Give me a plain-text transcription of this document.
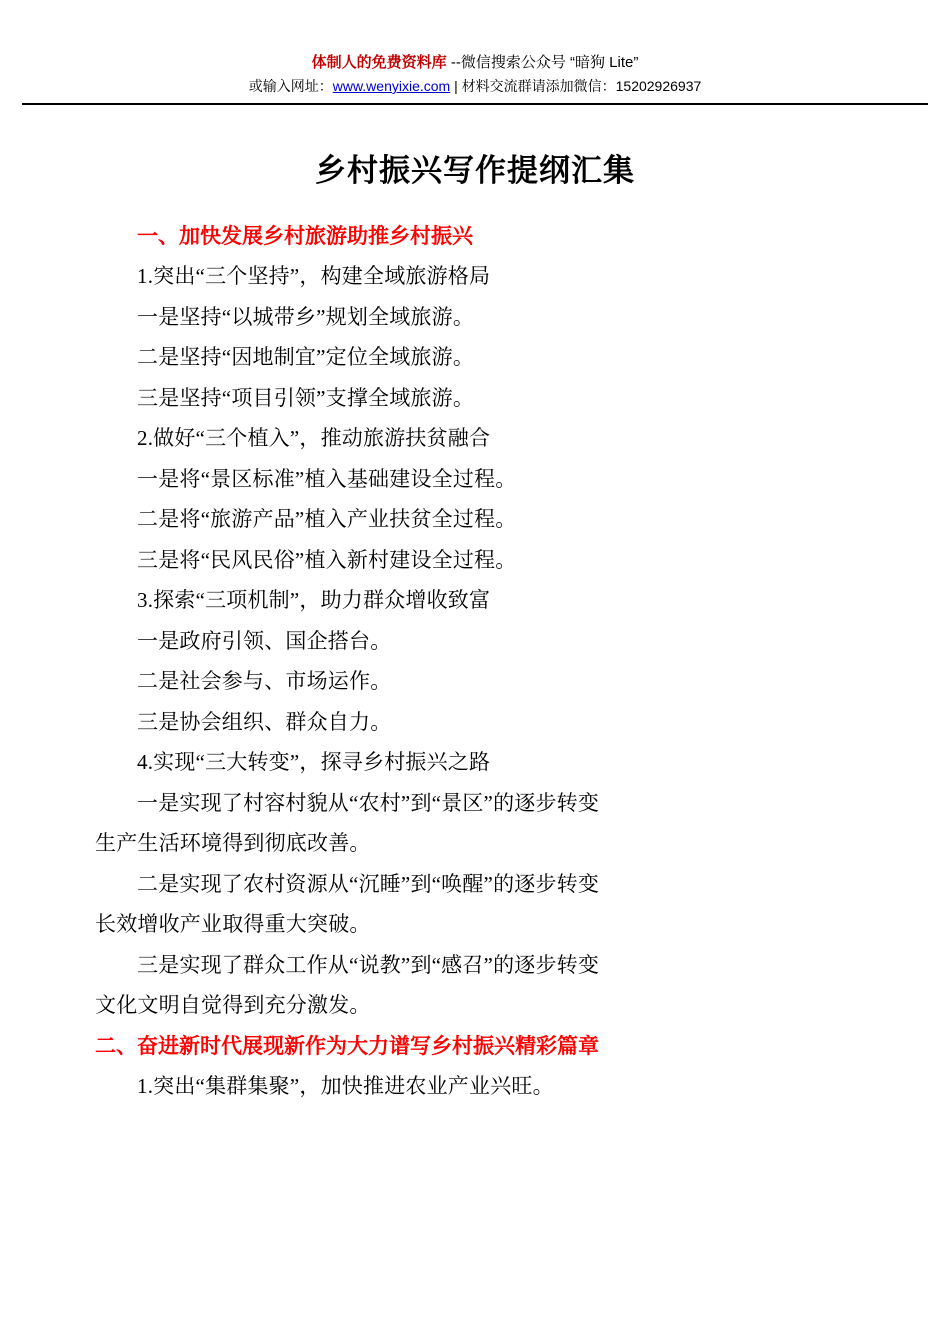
体制人的免费资料库 --微信搜索公众号 “暗狗 Lite”
或输入网址：www.wenyixie.com | 材料交流群请添加微信：15202926937
乡村振兴写作提纲汇集
一、加快发展乡村旅游助推乡村振兴

1.突出“三个坚持”，构建全域旅游格局

一是坚持“以城带乡”规划全域旅游。

二是坚持“因地制宜”定位全域旅游。

三是坚持“项目引领”支撑全域旅游。

2.做好“三个植入”，推动旅游扶贫融合

一是将“景区标准”植入基础建设全过程。

二是将“旅游产品”植入产业扶贫全过程。

三是将“民风民俗”植入新村建设全过程。

3.探索“三项机制”，助力群众增收致富

一是政府引领、国企搭台。

二是社会参与、市场运作。

三是协会组织、群众自力。

4.实现“三大转变”，探寻乡村振兴之路

一是实现了村容村貌从“农村”到“景区”的逐步转变

生产生活环境得到彻底改善。

二是实现了农村资源从“沉睡”到“唤醒”的逐步转变

长效增收产业取得重大突破。

三是实现了群众工作从“说教”到“感召”的逐步转变

文化文明自觉得到充分激发。

二、奋进新时代展现新作为大力谱写乡村振兴精彩篇章

1.突出“集群集聚”，加快推进农业产业兴旺。
